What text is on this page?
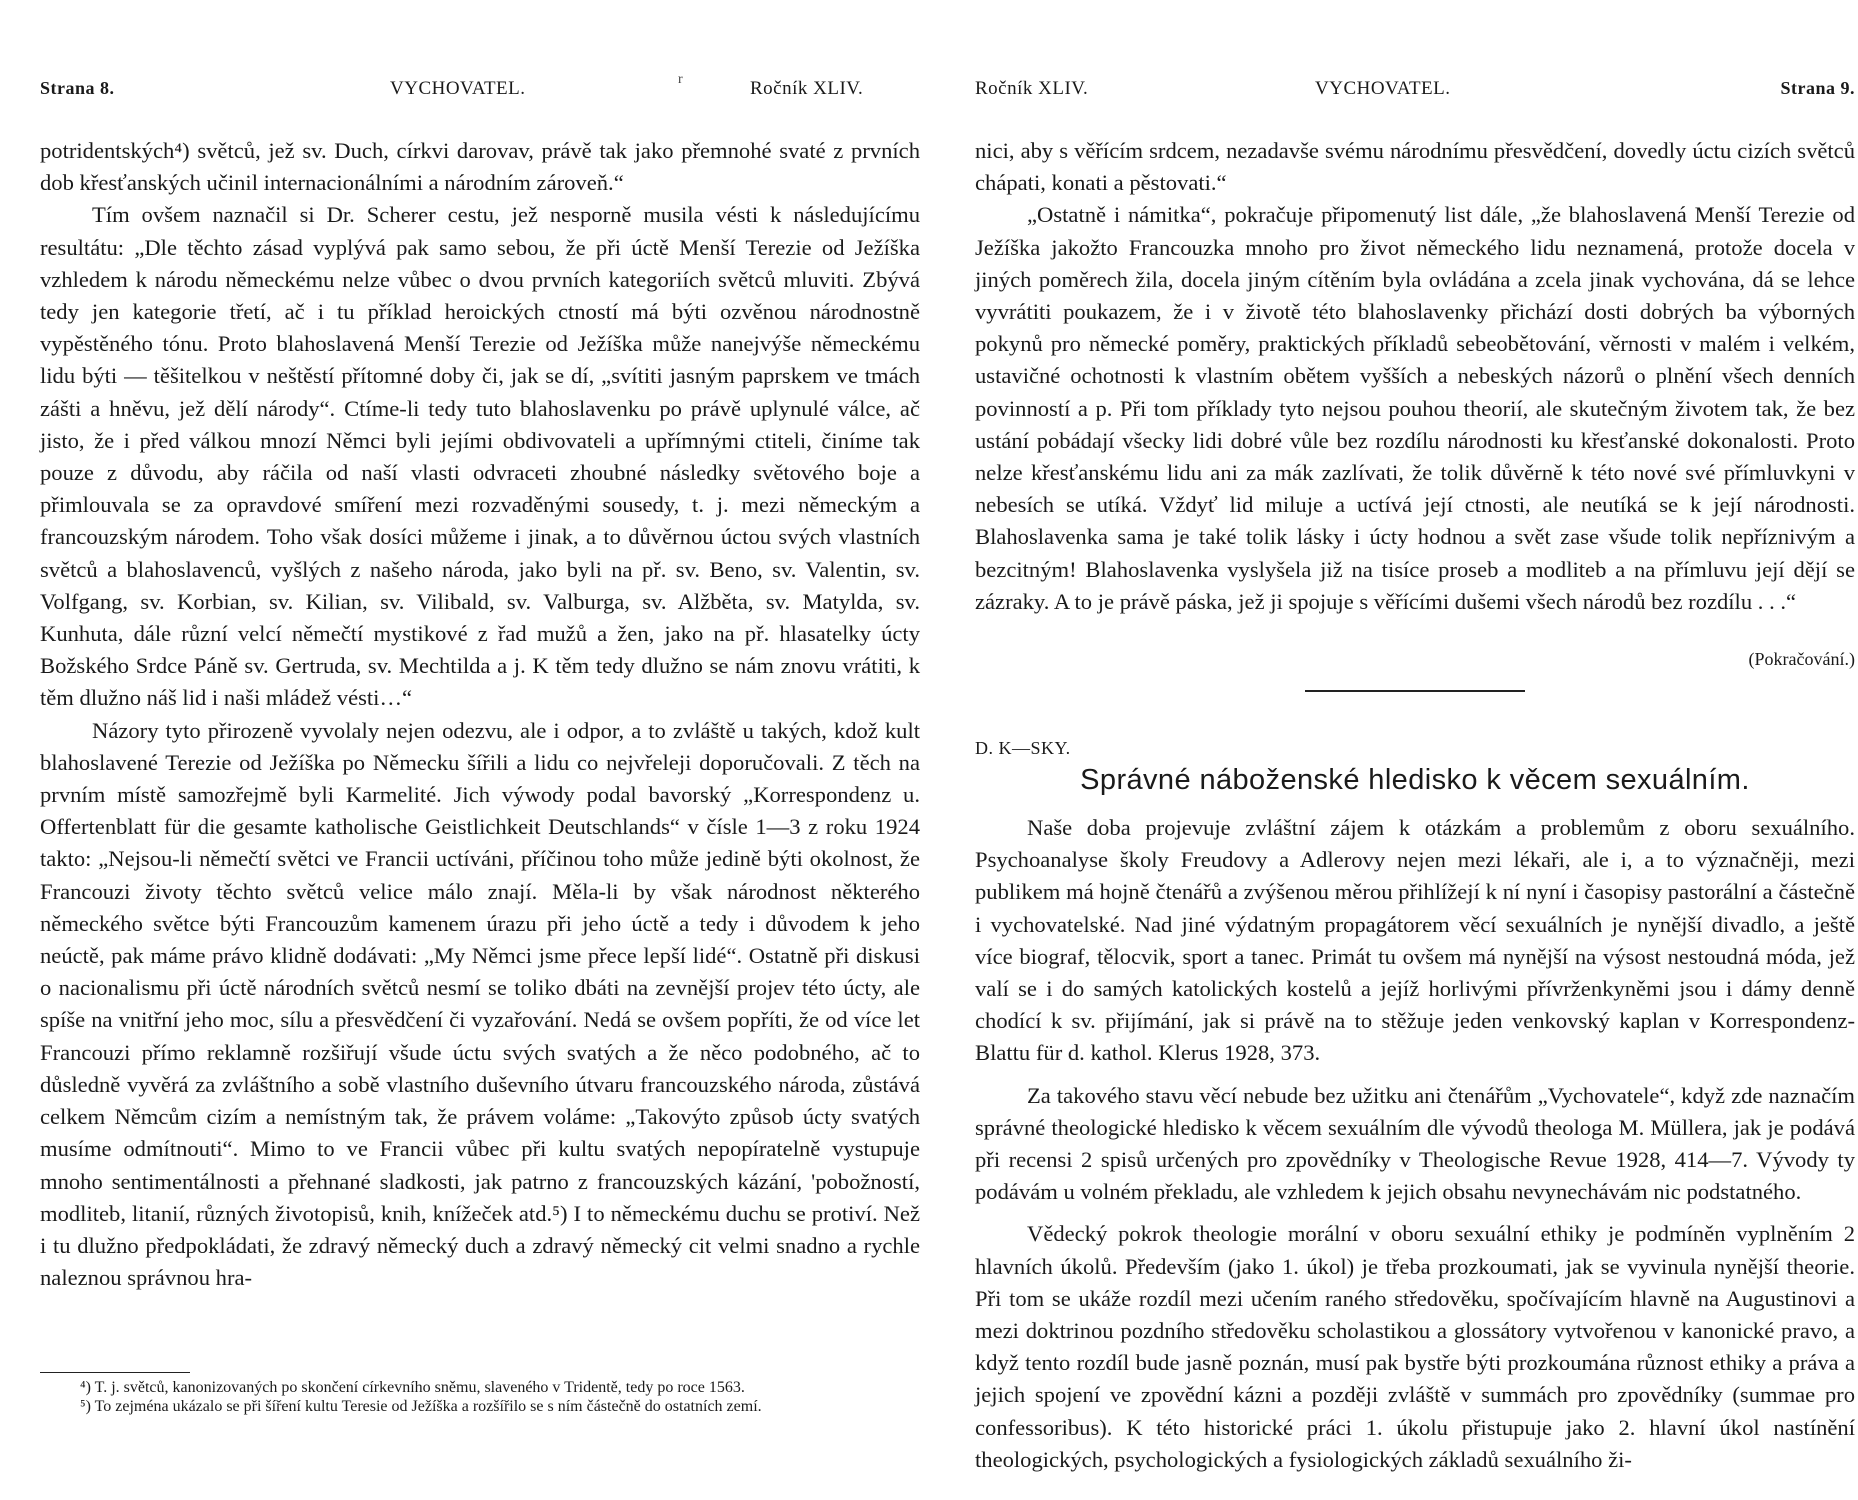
Strana 8.	VYCHOVATEL.	Ročník XLIV.
r

potridentských⁴) světců, jež sv. Duch, církvi darovav, právě tak jako přemnohé svaté z prvních dob křesťanských učinil internacionálními a národním zároveň.“

Tím ovšem naznačil si Dr. Scherer cestu, jež nesporně musila vésti k následujícímu resultátu: „Dle těchto zásad vyplývá pak samo sebou, že při úctě Menší Terezie od Ježíška vzhledem k národu německému nelze vůbec o dvou prvních kategoriích světců mluviti. Zbývá tedy jen kategorie třetí, ač i tu příklad heroických ctností má býti ozvěnou národnostně vypěstěného tónu. Proto blahoslavená Menší Terezie od Ježíška může nanejvýše německému lidu býti — těšitelkou v neštěstí přítomné doby či, jak se dí, „svítiti jasným paprskem ve tmách zášti a hněvu, jež dělí národy“. Ctíme-li tedy tuto blahoslavenku po právě uplynulé válce, ač jisto, že i před válkou mnozí Němci byli jejími obdivovateli a upřímnými ctiteli, činíme tak pouze z důvodu, aby ráčila od naší vlasti odvraceti zhoubné následky světového boje a přimlouvala se za opravdové smíření mezi rozvaděnými sousedy, t. j. mezi německým a francouzským národem. Toho však dosíci můžeme i jinak, a to důvěrnou úctou svých vlastních světců a blahoslavenců, vyšlých z našeho národa, jako byli na př. sv. Beno, sv. Valentin, sv. Volfgang, sv. Korbian, sv. Kilian, sv. Vilibald, sv. Valburga, sv. Alžběta, sv. Matylda, sv. Kunhuta, dále různí velcí němečtí mystikové z řad mužů a žen, jako na př. hlasatelky úcty Božského Srdce Páně sv. Gertruda, sv. Mechtilda a j. K těm tedy dlužno se nám znovu vrátiti, k těm dlužno náš lid i naši mládež vésti…“

Názory tyto přirozeně vyvolaly nejen odezvu, ale i odpor, a to zvláště u takých, kdož kult blahoslavené Terezie od Ježíška po Německu šířili a lidu co nejvřeleji doporučovali. Z těch na prvním místě samozřejmě byli Karmelité. Jich výwody podal bavorský „Korrespondenz u. Offertenblatt für die gesamte katholische Geistlichkeit Deutschlands“ v čísle 1—3 z roku 1924 takto: „Nejsou-li němečtí světci ve Francii uctíváni, příčinou toho může jedině býti okolnost, že Francouzi životy těchto světců velice málo znají. Měla-li by však národnost některého německého světce býti Francouzům kamenem úrazu při jeho úctě a tedy i důvodem k jeho neúctě, pak máme právo klidně dodávati: „My Němci jsme přece lepší lidé“. Ostatně při diskusi o nacionalismu při úctě národních světců nesmí se toliko dbáti na zevnější projev této úcty, ale spíše na vnitřní jeho moc, sílu a přesvědčení či vyzařování. Nedá se ovšem popříti, že od více let Francouzi přímo reklamně rozšiřují všude úctu svých svatých a že něco podobného, ač to důsledně vyvěrá za zvláštního a sobě vlastního duševního útvaru francouzského národa, zůstává celkem Němcům cizím a nemístným tak, že právem voláme: „Takovýto způsob úcty svatých musíme odmítnouti“. Mimo to ve Francii vůbec při kultu svatých nepopíratelně vystupuje mnoho sentimentálnosti a přehnané sladkosti, jak patrno z francouzských kázání, 'pobožností, modliteb, litanií, různých životopisů, knih, knížeček atd.⁵) I to německému duchu se protiví. Než i tu dlužno předpokládati, že zdravý německý duch a zdravý německý cit velmi snadno a rychle naleznou správnou hra-

⁴) T. j. světců, kanonizovaných po skončení církevního sněmu, slaveného v Tridentě, tedy po roce 1563.

⁵) To zejména ukázalo se při šíření kultu Teresie od Ježíška a rozšířilo se s ním částečně do ostatních zemí.

Ročník XLIV.	VYCHOVATEL.	Strana 9.

nici, aby s věřícím srdcem, nezadavše svému národnímu přesvědčení, dovedly úctu cizích světců chápati, konati a pěstovati.“

„Ostatně i námitka“, pokračuje připomenutý list dále, „že blahoslavená Menší Terezie od Ježíška jakožto Francouzka mnoho pro život německého lidu neznamená, protože docela v jiných poměrech žila, docela jiným cítěním byla ovládána a zcela jinak vychována, dá se lehce vyvrátiti poukazem, že i v životě této blahoslavenky přichází dosti dobrých ba výborných pokynů pro německé poměry, praktických příkladů sebeobětování, věrnosti v malém i velkém, ustavičné ochotnosti k vlastním obětem vyšších a nebeských názorů o plnění všech denních povinností a p. Při tom příklady tyto nejsou pouhou theorií, ale skutečným životem tak, že bez ustání pobádají všecky lidi dobré vůle bez rozdílu národnosti ku křesťanské dokonalosti. Proto nelze křesťanskému lidu ani za mák zazlívati, že tolik důvěrně k této nové své přímluvkyni v nebesích se utíká. Vždyť lid miluje a uctívá její ctnosti, ale neutíká se k její národnosti. Blahoslavenka sama je také tolik lásky i úcty hodnou a svět zase všude tolik nepříznivým a bezcitným! Blahoslavenka vyslyšela již na tisíce proseb a modliteb a na přímluvu její dějí se zázraky. A to je právě páska, jež ji spojuje s věřícími dušemi všech národů bez rozdílu . . .“

(Pokračování.)
D. K—SKY.
Správné náboženské hledisko k věcem sexuálním.

Naše doba projevuje zvláštní zájem k otázkám a problemům z oboru sexuálního. Psychoanalyse školy Freudovy a Adlerovy nejen mezi lékaři, ale i, a to význačněji, mezi publikem má hojně čtenářů a zvýšenou měrou přihlížejí k ní nyní i časopisy pastorální a částečně i vychovatelské. Nad jiné výdatným propagátorem věcí sexuálních je nynější divadlo, a ještě více biograf, tělocvik, sport a tanec. Primát tu ovšem má nynější na výsost nestoudná móda, jež valí se i do samých katolických kostelů a jejíž horlivými přívrženkyněmi jsou i dámy denně chodící k sv. přijímání, jak si právě na to stěžuje jeden venkovský kaplan v Korrespondenz-Blattu für d. kathol. Klerus 1928, 373.

Za takového stavu věcí nebude bez užitku ani čtenářům „Vychovatele“, když zde naznačím správné theologické hledisko k věcem sexuálním dle vývodů theologa M. Müllera, jak je podává při recensi 2 spisů určených pro zpovědníky v Theologische Revue 1928, 414—7. Vývody ty podávám u volném překladu, ale vzhledem k jejich obsahu nevynechávám nic podstatného.

Vědecký pokrok theologie morální v oboru sexuální ethiky je podmíněn vyplněním 2 hlavních úkolů. Především (jako 1. úkol) je třeba prozkoumati, jak se vyvinula nynější theorie. Při tom se ukáže rozdíl mezi učením raného středověku, spočívajícím hlavně na Augustinovi a mezi doktrinou pozdního středověku scholastikou a glossátory vytvořenou v kanonické pravo, a když tento rozdíl bude jasně poznán, musí pak bystře býti prozkoumána různost ethiky a práva a jejich spojení ve zpovědní kázni a později zvláště v summách pro zpovědníky (summae pro confessoribus). K této historické práci 1. úkolu přistupuje jako 2. hlavní úkol nastínění theologických, psychologických a fysiologických základů sexuálního ži-
